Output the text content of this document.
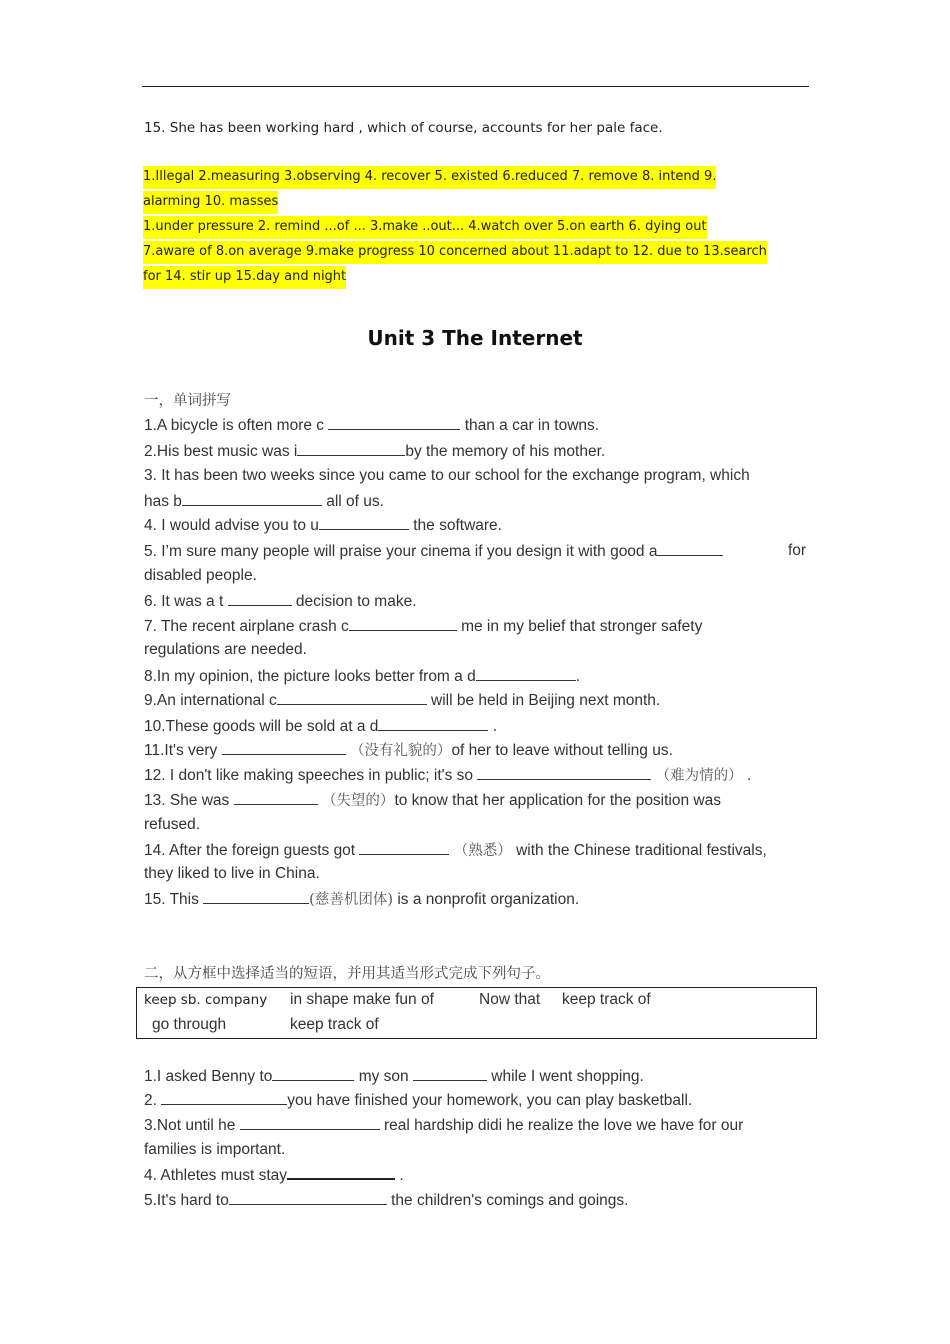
15. She has been working hard , which of course, accounts for her pale face.
1.Illegal 2.measuring 3.observing 4. recover 5. existed 6.reduced 7. remove 8. intend 9.
alarming 10. masses
1.under pressure 2. remind ...of ... 3.make ..out... 4.watch over 5.on earth 6. dying out
7.aware of 8.on average 9.make progress 10 concerned about 11.adapt to 12. due to 13.search
for 14. stir up 15.day and night
Unit 3 The Internet
一，单词拼写
1.A bicycle is often more c	than a car in towns.
2.His best music was i	by the memory of his mother.
3. It has been two weeks since you came to our school for the exchange program, which
has b	all of us.
4. I would advise you to u	the software.
5. I’m sure many people will praise your cinema if you design it with good a	for
disabled people.
6. It was a t	decision to make.
7. The recent airplane crash c	me in my belief that stronger safety
regulations are needed.
8.In my opinion, the picture looks better from a d	.
9.An international c	will be held in Beijing next month.
10.These goods will be sold at a d	.
11.It's very	（没有礼貌的）of her to leave without telling us.
12. I don't like making speeches in public; it's so	（难为情的） .
13. She was	（失望的）to know that her application for the position was
refused.
14. After the foreign guests got	（熟悉） with the Chinese traditional festivals,
they liked to live in China.
15. This	(慈善机团体) is a nonprofit organization.
二，从方框中选择适当的短语，并用其适当形式完成下列句子。
keep sb. company in shape make fun of	Now that keep track of
go through	keep track of
1.I asked Benny to	my son	while I went shopping.
2.	you have finished your homework, you can play basketball.
3.Not until he	real hardship didi he realize the love we have for our
families is important.
4. Athletes must stay	.
5.It's hard to	the children's comings and goings.
